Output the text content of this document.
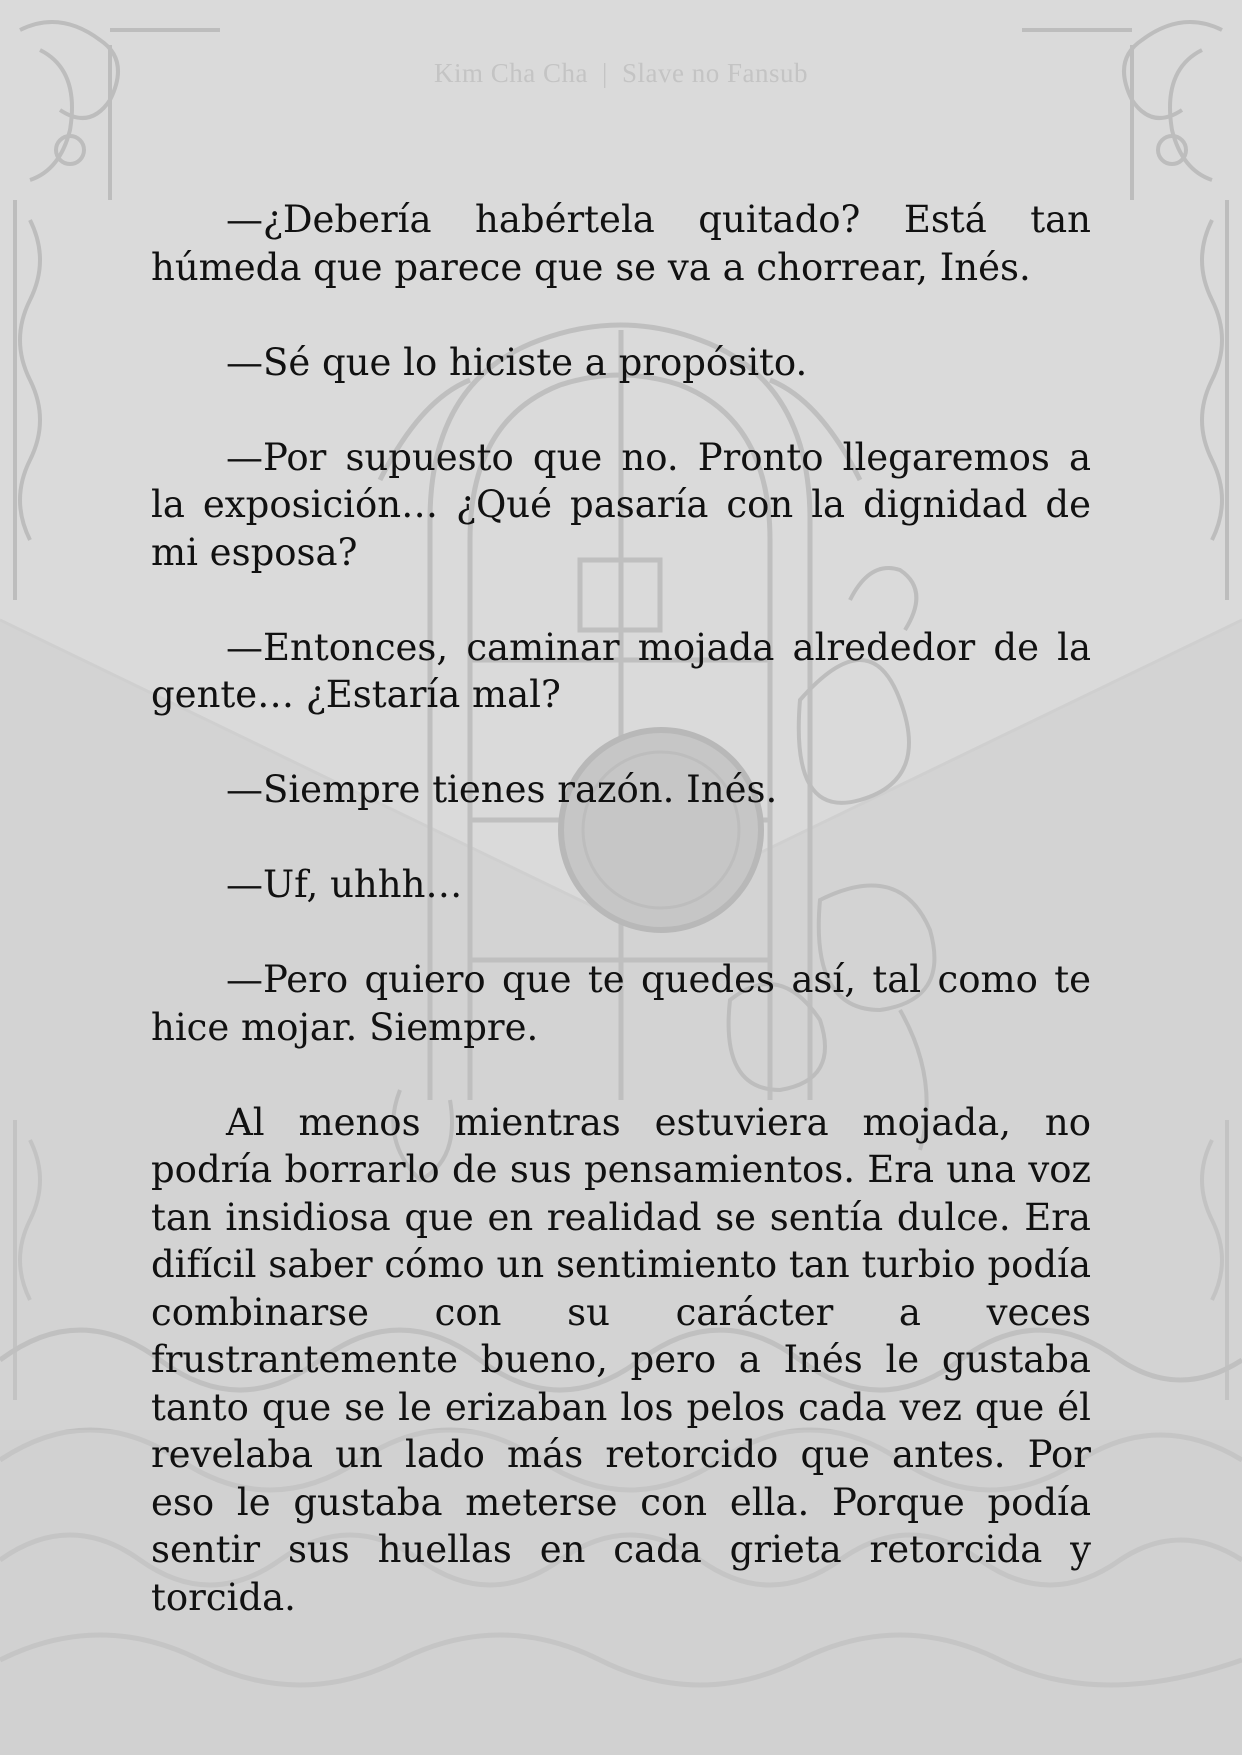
Kim Cha Cha | Slave no Fansub

—¿Debería habértela quitado? Está tan húmeda que parece que se va a chorrear, Inés.

—Sé que lo hiciste a propósito.

—Por supuesto que no. Pronto llegaremos a la exposición… ¿Qué pasaría con la dignidad de mi esposa?

—Entonces, caminar mojada alrededor de la gente… ¿Estaría mal?

—Siempre tienes razón. Inés.

—Uf, uhhh…

—Pero quiero que te quedes así, tal como te hice mojar. Siempre.

Al menos mientras estuviera mojada, no podría borrarlo de sus pensamientos. Era una voz tan insidiosa que en realidad se sentía dulce. Era difícil saber cómo un sentimiento tan turbio podía combinarse con su carácter a veces frustrantemente bueno, pero a Inés le gustaba tanto que se le erizaban los pelos cada vez que él revelaba un lado más retorcido que antes. Por eso le gustaba meterse con ella. Porque podía sentir sus huellas en cada grieta retorcida y torcida.
